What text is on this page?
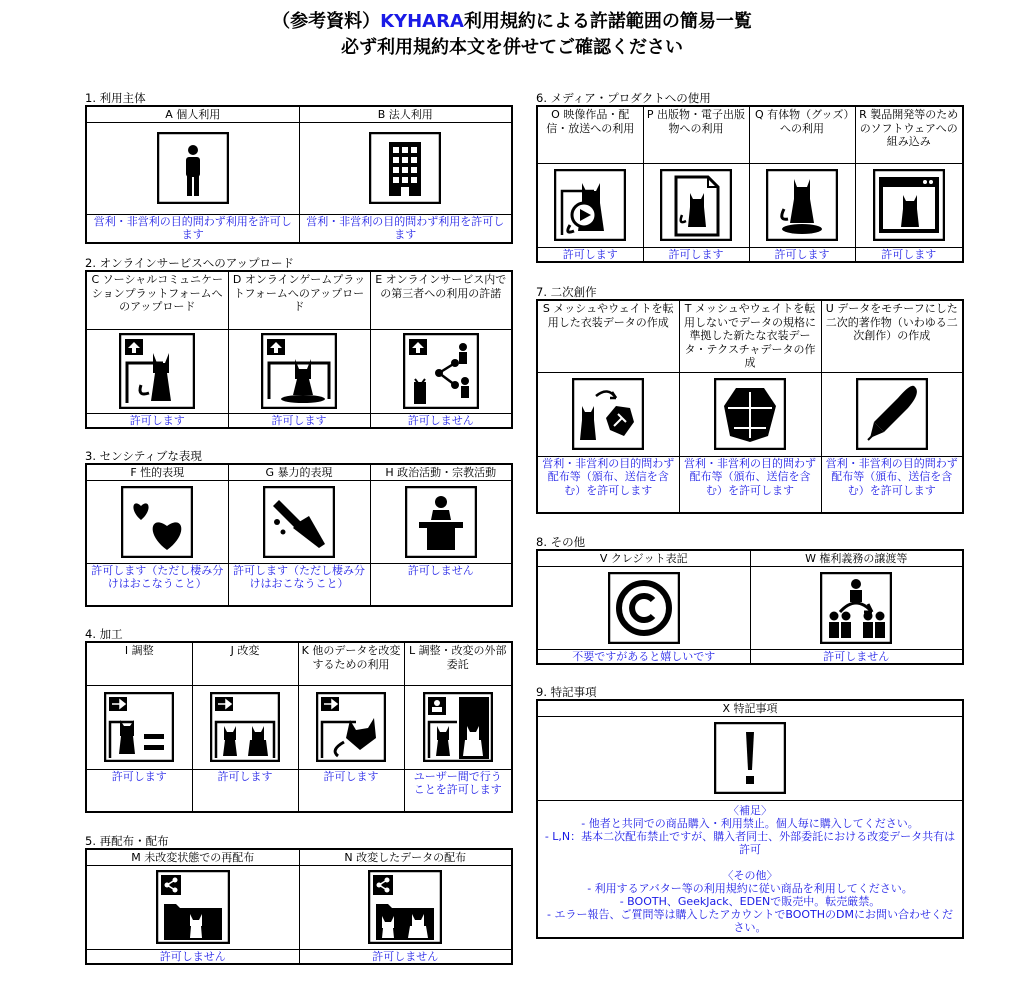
（参考資料）KYHARA利用規約による許諾範囲の簡易一覧
必ず利用規約本文を併せてご確認ください
1. 利用主体
A 個人利用	B 法人利用

営利・非営利の目的問わず利用を許可します	営利・非営利の目的問わず利用を許可します
2. オンラインサービスへのアップロード
C ソーシャルコミュニケーションプラットフォームへのアップロード	D オンラインゲームプラットフォームへのアップロード	E オンラインサービス内での第三者への利用の許諾

許可します	許可します	許可しません
3. センシティブな表現
F 性的表現	G 暴力的表現	H 政治活動・宗教活動

許可します（ただし棲み分けはおこなうこと）	許可します（ただし棲み分けはおこなうこと）	許可しません
4. 加工
I 調整	J 改変	K 他のデータを改変するための利用	L 調整・改変の外部委託

許可します	許可します	許可します	ユーザー間で行うことを許可します
5. 再配布・配布
M 未改変状態での再配布	N 改変したデータの配布

許可しません	許可しません
6. メディア・プロダクトへの使用
O 映像作品・配信・放送への利用	P 出版物・電子出版物への利用	Q 有体物（グッズ）への利用	R 製品開発等のためのソフトウェアへの組み込み

許可します	許可します	許可します	許可します
7. 二次創作
S メッシュやウェイトを転用した衣装データの作成	T メッシュやウェイトを転用しないでデータの規格に準拠した新たな衣装データ・テクスチャデータの作成	U データをモチーフにした二次的著作物（いわゆる二次創作）の作成

営利・非営利の目的問わず配布等（頒布、送信を含む）を許可します	営利・非営利の目的問わず配布等（頒布、送信を含む）を許可します	営利・非営利の目的問わず配布等（頒布、送信を含む）を許可します
8. その他
V クレジット表記	W 権利義務の譲渡等

不要ですがあると嬉しいです	許可しません
9. 特記事項
X 特記事項

〈補足〉
- 他者と共同での商品購入・利用禁止。個人毎に購入してください。
- L,N：基本二次配布禁止ですが、購入者同士、外部委託における改変データ共有は許可
〈その他〉
- 利用するアバター等の利用規約に従い商品を利用してください。
- BOOTH、GeekJack、EDENで販売中。転売厳禁。
- エラー報告、ご質問等は購入したアカウントでBOOTHのDMにお問い合わせください。
